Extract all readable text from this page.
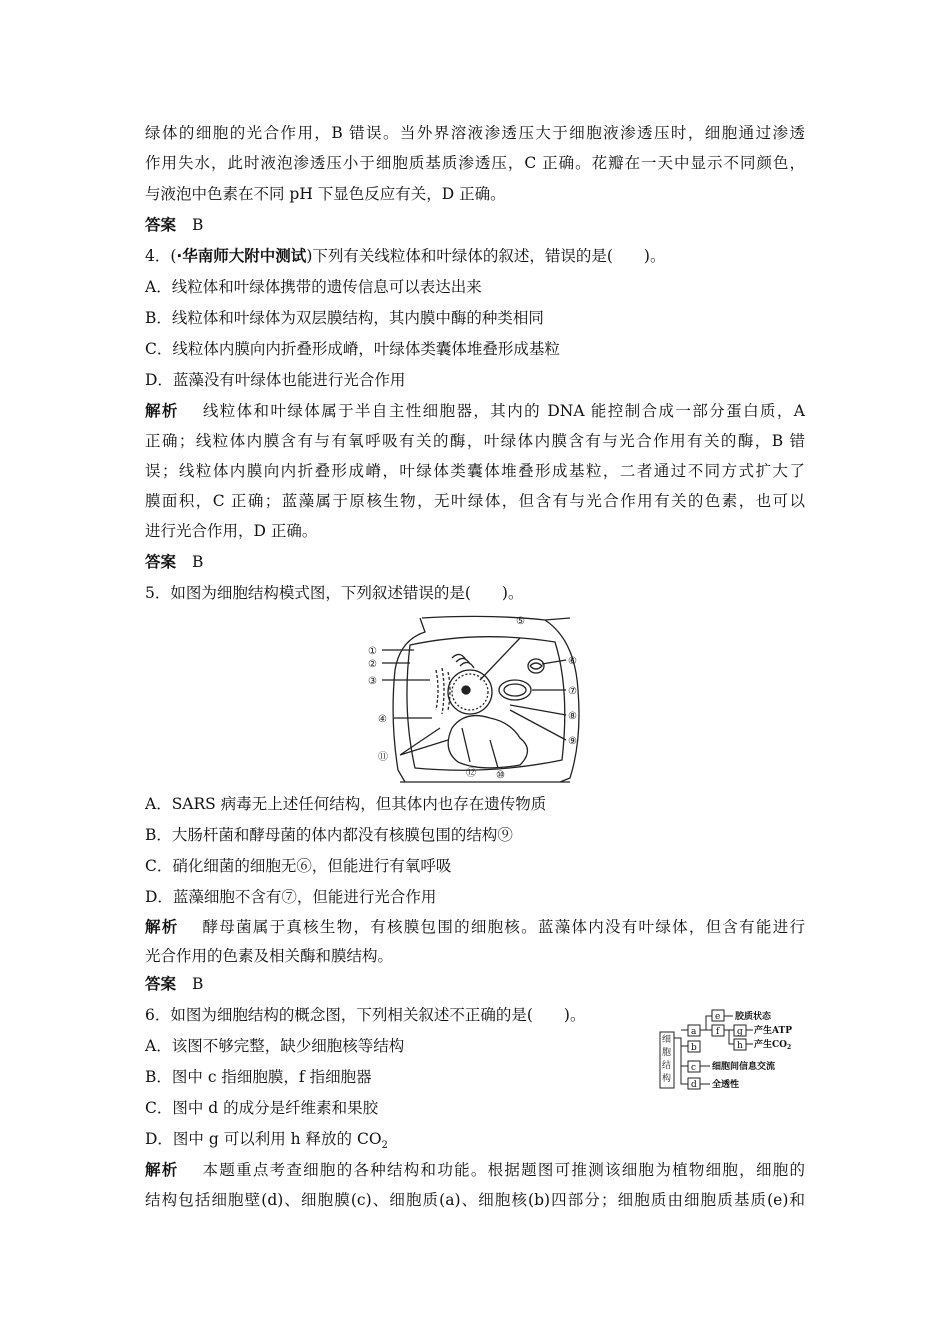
绿体的细胞的光合作用，B 错误。当外界溶液渗透压大于细胞液渗透压时，细胞通过渗透
作用失水，此时液泡渗透压小于细胞质基质渗透压，C 正确。花瓣在一天中显示不同颜色，
与液泡中色素在不同 pH 下显色反应有关，D 正确。
答案 B
4．(·华南师大附中测试)下列有关线粒体和叶绿体的叙述，错误的是(　　)。
A．线粒体和叶绿体携带的遗传信息可以表达出来
B．线粒体和叶绿体为双层膜结构，其内膜中酶的种类相同
C．线粒体内膜向内折叠形成嵴，叶绿体类囊体堆叠形成基粒
D．蓝藻没有叶绿体也能进行光合作用
解析 线粒体和叶绿体属于半自主性细胞器，其内的 DNA 能控制合成一部分蛋白质，A
正确；线粒体内膜含有与有氧呼吸有关的酶，叶绿体内膜含有与光合作用有关的酶，B 错
误；线粒体内膜向内折叠形成嵴，叶绿体类囊体堆叠形成基粒，二者通过不同方式扩大了
膜面积，C 正确；蓝藻属于原核生物，无叶绿体，但含有与光合作用有关的色素，也可以
进行光合作用，D 正确。
答案 B
5．如图为细胞结构模式图，下列叙述错误的是(　　)。
①
②
③
④
⑤
⑥
⑦
⑧
⑨
⑩
⑪
⑫
A．SARS 病毒无上述任何结构，但其体内也存在遗传物质
B．大肠杆菌和酵母菌的体内都没有核膜包围的结构⑨
C．硝化细菌的细胞无⑥，但能进行有氧呼吸
D．蓝藻细胞不含有⑦，但能进行光合作用
解析 酵母菌属于真核生物，有核膜包围的细胞核。蓝藻体内没有叶绿体，但含有能进行
光合作用的色素及相关酶和膜结构。
答案 B
6．如图为细胞结构的概念图，下列相关叙述不正确的是(　　)。
A．该图不够完整，缺少细胞核等结构
B．图中 c 指细胞膜，f 指细胞器
C．图中 d 的成分是纤维素和果胶
D．图中 g 可以利用 h 释放的 $CO_2$
细
胞
结
构
a
b
c
d
e
f g
h
胶质状态
产生ATP
产生$CO_2$
细胞间信息交流
全透性
解析 本题重点考查细胞的各种结构和功能。根据题图可推测该细胞为植物细胞，细胞的
结构包括细胞壁(d)、细胞膜(c)、细胞质(a)、细胞核(b)四部分；细胞质由细胞质基质(e)和
